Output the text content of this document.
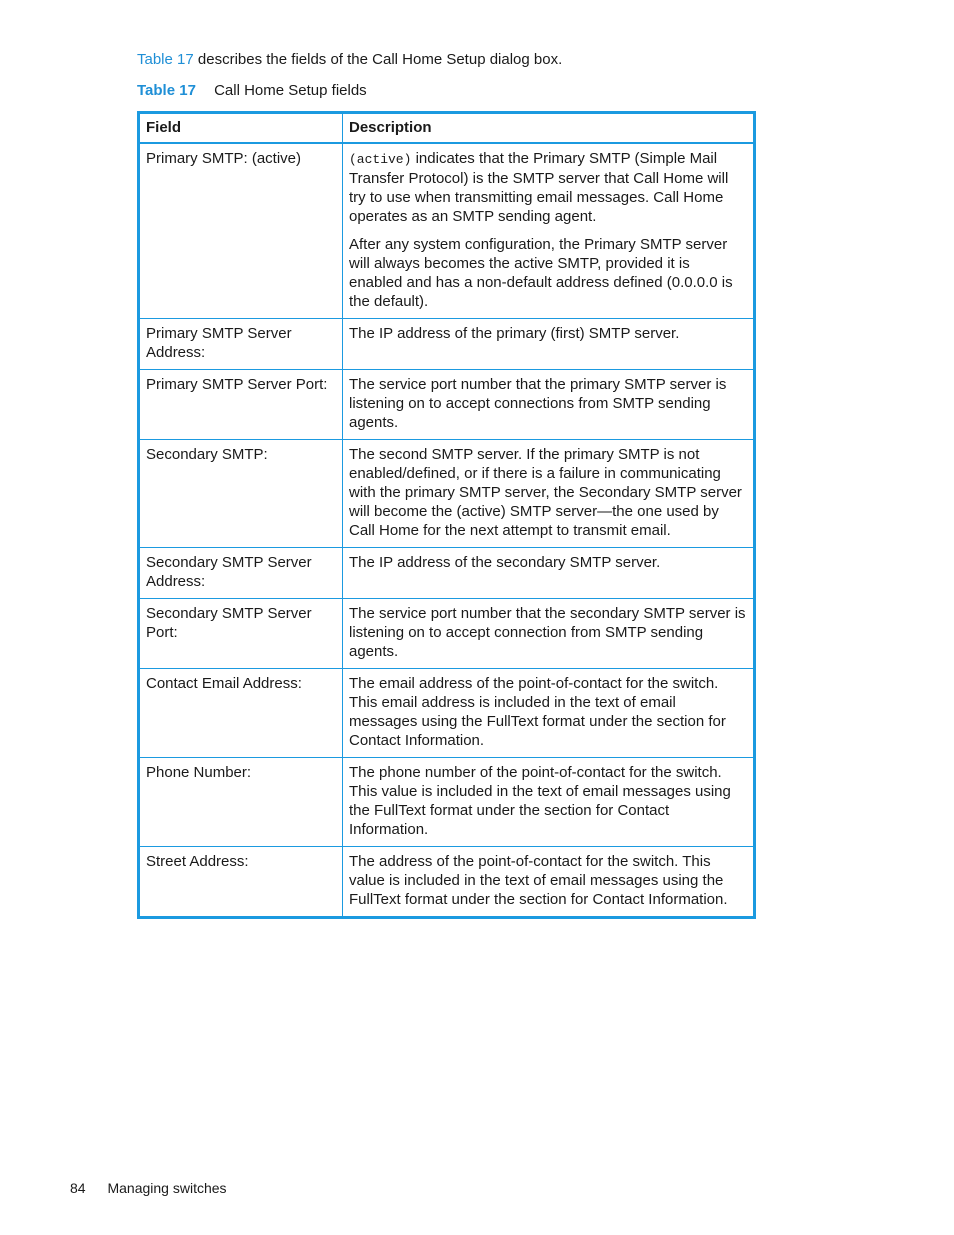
Table 17 describes the fields of the Call Home Setup dialog box.
Table 17 Call Home Setup fields
Field	Description
Primary SMTP: (active)	(active) indicates that the Primary SMTP (Simple Mail Transfer Protocol) is the SMTP server that Call Home will try to use when transmitting email messages. Call Home operates as an SMTP sending agent.

After any system configuration, the Primary SMTP server will always becomes the active SMTP, provided it is enabled and has a non-default address defined (0.0.0.0 is the default).

Primary SMTP Server Address:	The IP address of the primary (first) SMTP server.
Primary SMTP Server Port:	The service port number that the primary SMTP server is listening on to accept connections from SMTP sending agents.
Secondary SMTP:	The second SMTP server. If the primary SMTP is not enabled/defined, or if there is a failure in communicating with the primary SMTP server, the Secondary SMTP server will become the (active) SMTP server—the one used by Call Home for the next attempt to transmit email.
Secondary SMTP Server Address:	The IP address of the secondary SMTP server.
Secondary SMTP Server Port:	The service port number that the secondary SMTP server is listening on to accept connection from SMTP sending agents.
Contact Email Address:	The email address of the point-of-contact for the switch. This email address is included in the text of email messages using the FullText format under the section for Contact Information.
Phone Number:	The phone number of the point-of-contact for the switch. This value is included in the text of email messages using the FullText format under the section for Contact Information.
Street Address:	The address of the point-of-contact for the switch. This value is included in the text of email messages using the FullText format under the section for Contact Information.
84 Managing switches
